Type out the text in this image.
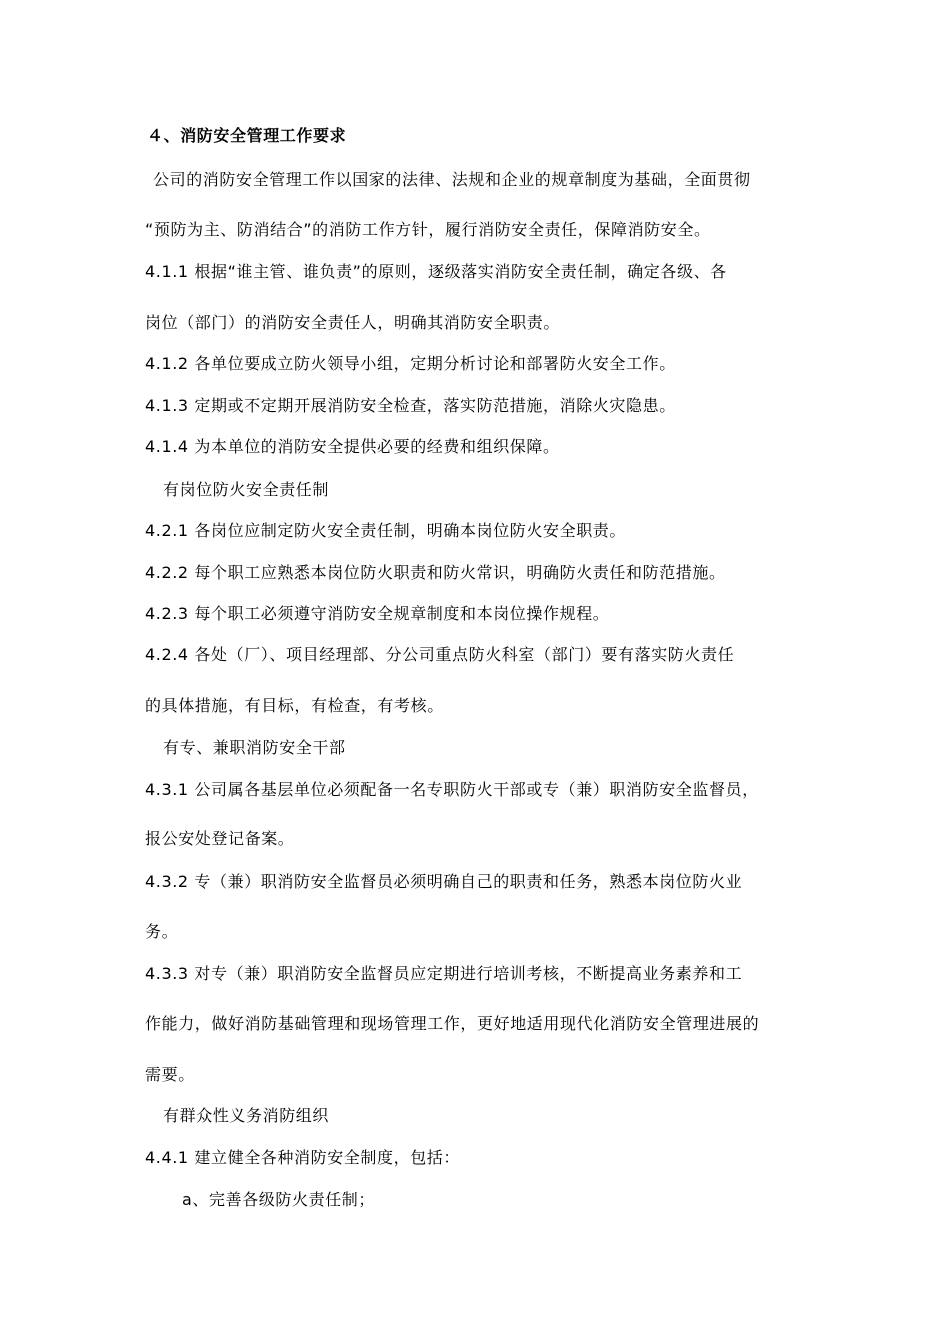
４、消防安全管理工作要求

公司的消防安全管理工作以国家的法律、法规和企业的规章制度为基础，全面贯彻

“预防为主、防消结合”的消防工作方针，履行消防安全责任，保障消防安全。

4.1.1 根据“谁主管、谁负责”的原则，逐级落实消防安全责任制，确定各级、各

岗位（部门）的消防安全责任人，明确其消防安全职责。

4.1.2 各单位要成立防火领导小组，定期分析讨论和部署防火安全工作。

4.1.3 定期或不定期开展消防安全检查，落实防范措施，消除火灾隐患。

4.1.4 为本单位的消防安全提供必要的经费和组织保障。

有岗位防火安全责任制

4.2.1 各岗位应制定防火安全责任制，明确本岗位防火安全职责。

4.2.2 每个职工应熟悉本岗位防火职责和防火常识，明确防火责任和防范措施。

4.2.3 每个职工必须遵守消防安全规章制度和本岗位操作规程。

4.2.4 各处（厂）、项目经理部、分公司重点防火科室（部门）要有落实防火责任

的具体措施，有目标，有检查，有考核。

有专、兼职消防安全干部

4.3.1 公司属各基层单位必须配备一名专职防火干部或专（兼）职消防安全监督员，

报公安处登记备案。

4.3.2 专（兼）职消防安全监督员必须明确自己的职责和任务，熟悉本岗位防火业

务。

4.3.3 对专（兼）职消防安全监督员应定期进行培训考核，不断提高业务素养和工

作能力，做好消防基础管理和现场管理工作，更好地适用现代化消防安全管理进展的

需要。

有群众性义务消防组织

4.4.1 建立健全各种消防安全制度，包括：

a、完善各级防火责任制；
